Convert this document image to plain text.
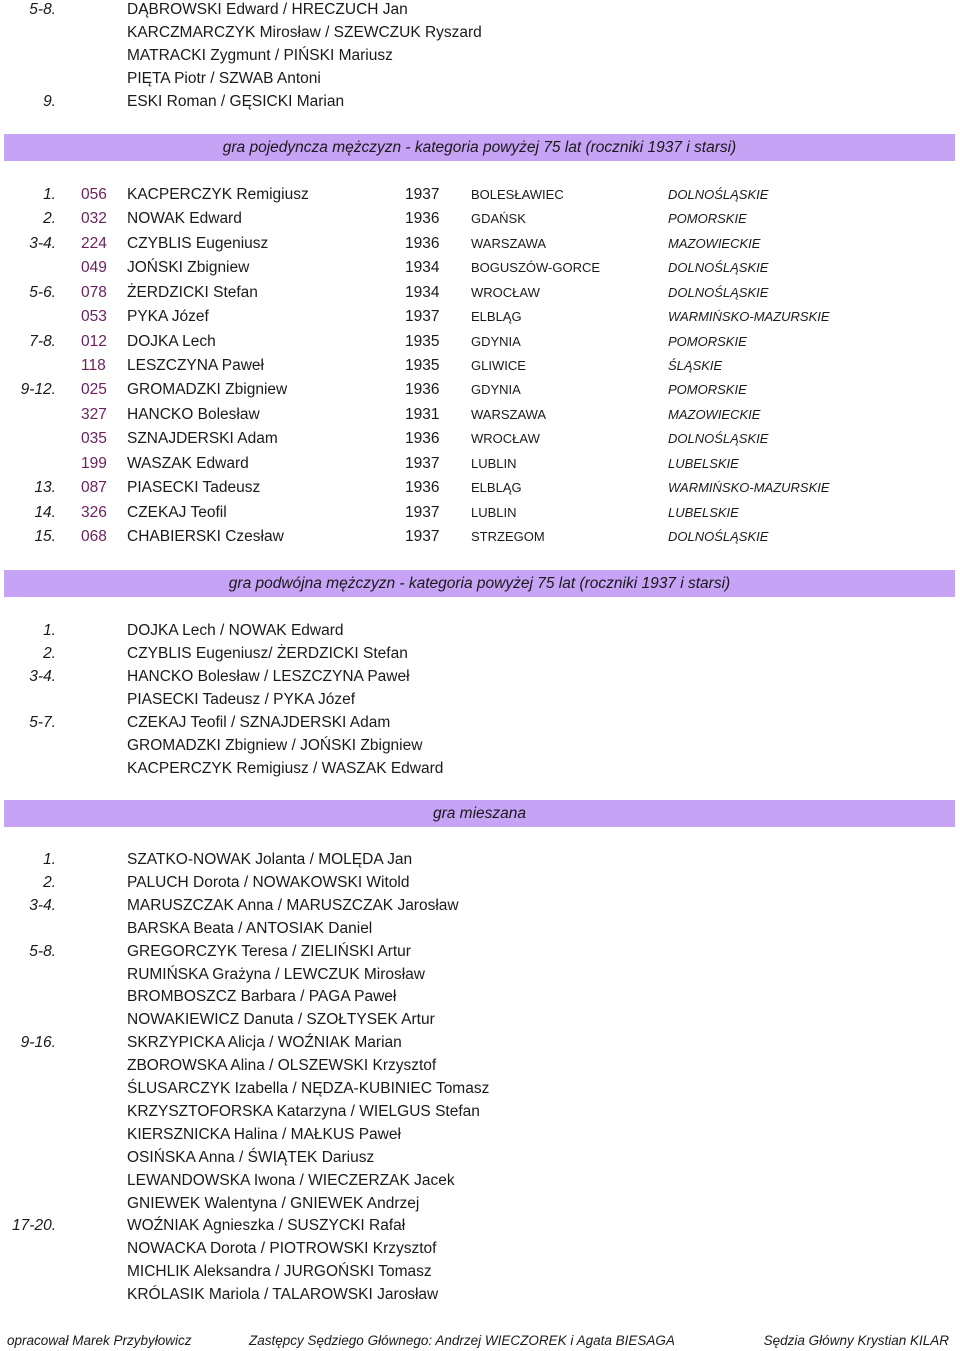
5-8.	DĄBROWSKI Edward / HRECZUCH Jan
KARCZMARCZYK Mirosław / SZEWCZUK Ryszard
MATRACKI Zygmunt / PIŃSKI Mariusz
PIĘTA Piotr / SZWAB Antoni
9.	ESKI Roman / GĘSICKI Marian
gra pojedyncza mężczyzn - kategoria powyżej 75 lat (roczniki 1937 i starsi)
1. 056 KACPERCZYK Remigiusz	1937 BOLESŁAWIEC	DOLNOŚLĄSKIE
2. 032 NOWAK Edward	1936 GDAŃSK	POMORSKIE
3-4. 224 CZYBLIS Eugeniusz	1936 WARSZAWA	MAZOWIECKIE
049 JOŃSKI Zbigniew	1934 BOGUSZÓW-GORCE	DOLNOŚLĄSKIE
5-6. 078 ŻERDZICKI Stefan	1934 WROCŁAW	DOLNOŚLĄSKIE
053 PYKA Józef	1937 ELBLĄG	WARMIŃSKO-MAZURSKIE
7-8. 012 DOJKA Lech	1935 GDYNIA	POMORSKIE
118 LESZCZYNA Paweł	1935 GLIWICE	ŚLĄSKIE
9-12. 025 GROMADZKI Zbigniew	1936 GDYNIA	POMORSKIE
327 HANCKO Bolesław	1931 WARSZAWA	MAZOWIECKIE
035 SZNAJDERSKI Adam	1936 WROCŁAW	DOLNOŚLĄSKIE
199 WASZAK Edward	1937 LUBLIN	LUBELSKIE
13. 087 PIASECKI Tadeusz	1936 ELBLĄG	WARMIŃSKO-MAZURSKIE
14. 326 CZEKAJ Teofil	1937 LUBLIN	LUBELSKIE
15. 068 CHABIERSKI Czesław	1937 STRZEGOM	DOLNOŚLĄSKIE
gra podwójna mężczyzn - kategoria powyżej 75 lat (roczniki 1937 i starsi)
1.	DOJKA Lech / NOWAK Edward
2.	CZYBLIS Eugeniusz/ ŻERDZICKI Stefan
3-4.	HANCKO Bolesław / LESZCZYNA Paweł
PIASECKI Tadeusz / PYKA Józef
5-7.	CZEKAJ Teofil / SZNAJDERSKI Adam
GROMADZKI Zbigniew / JOŃSKI Zbigniew
KACPERCZYK Remigiusz / WASZAK Edward
gra mieszana
1.	SZATKO-NOWAK Jolanta / MOLĘDA Jan
2.	PALUCH Dorota / NOWAKOWSKI Witold
3-4.	MARUSZCZAK Anna / MARUSZCZAK Jarosław
BARSKA Beata / ANTOSIAK Daniel
5-8.	GREGORCZYK Teresa / ZIELIŃSKI Artur
RUMIŃSKA Grażyna / LEWCZUK Mirosław
BROMBOSZCZ Barbara / PAGA Paweł
NOWAKIEWICZ Danuta / SZOŁTYSEK Artur
9-16.	SKRZYPICKA Alicja / WOŹNIAK Marian
ZBOROWSKA Alina / OLSZEWSKI Krzysztof
ŚLUSARCZYK Izabella / NĘDZA-KUBINIEC Tomasz
KRZYSZTOFORSKA Katarzyna / WIELGUS Stefan
KIERSZNICKA Halina / MAŁKUS Paweł
OSIŃSKA Anna / ŚWIĄTEK Dariusz
LEWANDOWSKA Iwona / WIECZERZAK Jacek
GNIEWEK Walentyna / GNIEWEK Andrzej
17-20.	WOŹNIAK Agnieszka / SUSZYCKI Rafał
NOWACKA Dorota / PIOTROWSKI Krzysztof
MICHLIK Aleksandra / JURGOŃSKI Tomasz
KRÓLASIK Mariola / TALAROWSKI Jarosław
opracował Marek Przybyłowicz	Zastępcy Sędziego Głównego: Andrzej WIECZOREK i Agata BIESAGA	Sędzia Główny Krystian KILAR
